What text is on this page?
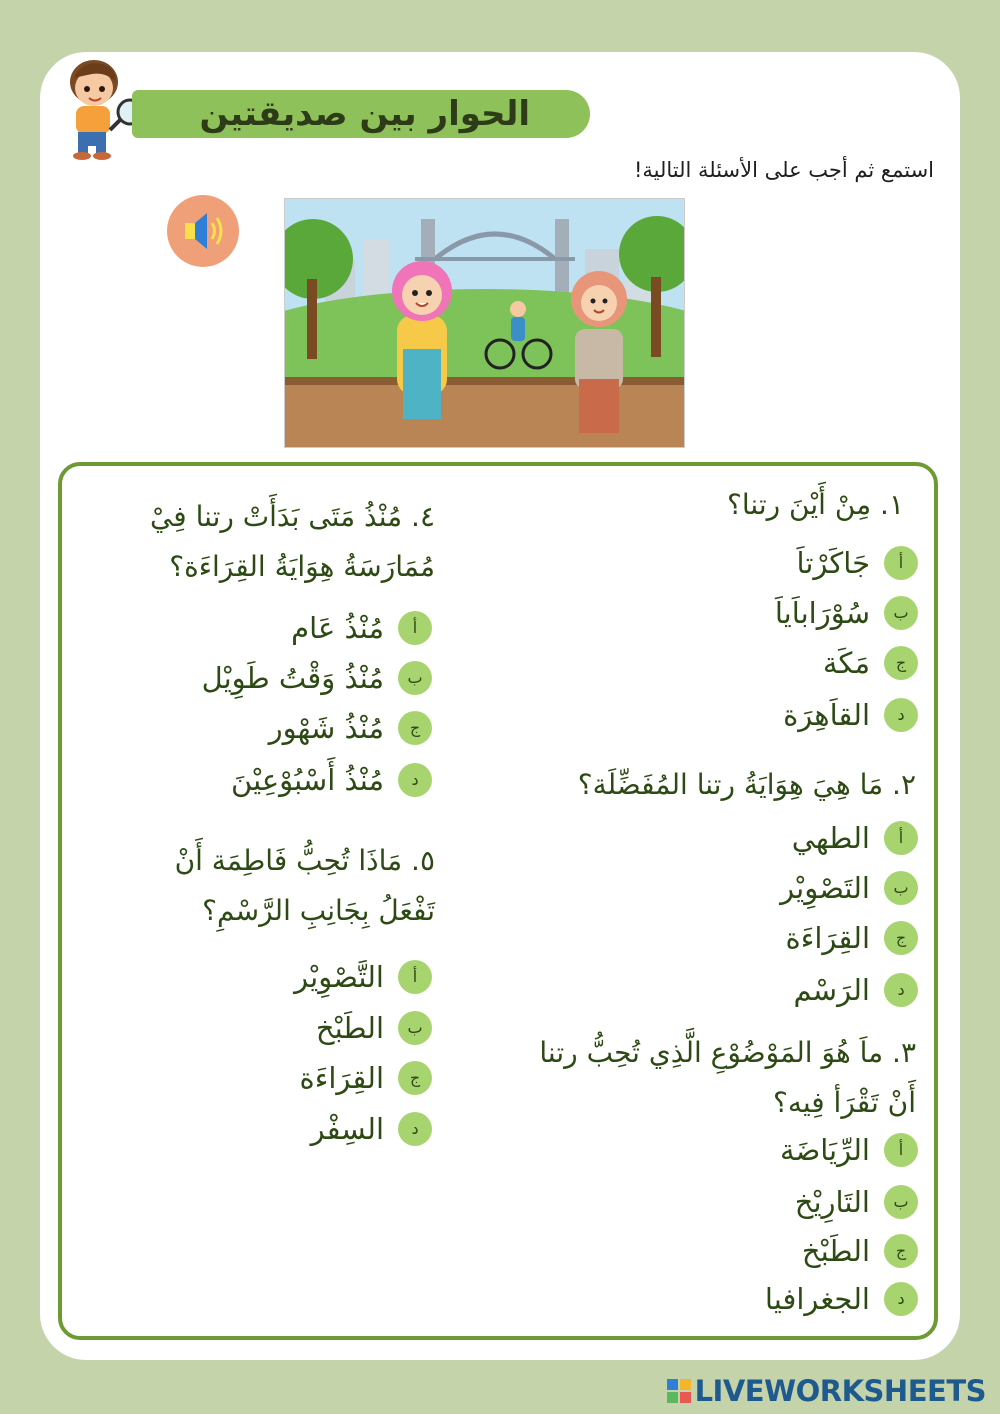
الحوار بين صديقتين
استمع ثم أجب على الأسئلة التالية!
١. مِنْ أَيْنَ رتنا؟
أ
جَاكَرْتاَ
ب
سُوْرَاباَياَ
ج
مَكَة
د
القاَهِرَة
٢. مَا هِيَ هِوَايَةُ رتنا المُفَضِّلَة؟
أ
الطهي
ب
التَصْوِيْر
ج
القِرَاءَة
د
الرَسْم
٣. ماَ هُوَ المَوْضُوْعِ الَّذِي تُحِبُّ رتنا أَنْ تَقْرَأ فِيه؟
أ
الرِّيَاضَة
ب
التَارِيْخ
ج
الطَبْخ
د
الجغرافيا
٤. مُنْذُ مَتَى بَدَأَتْ رتنا فِيْ مُمَارَسَةُ هِوَايَةُ القِرَاءَة؟
أ
مُنْذُ عَام
ب
مُنْذُ وَقْتُ طَوِيْل
ج
مُنْذُ شَهْور
د
مُنْذُ أَسْبُوْعِيْنَ
٥. مَاذَا تُحِبُّ فَاطِمَة أَنْ تَفْعَلُ بِجَانِبِ الرَّسْمِ؟
أ
التَّصْوِيْر
ب
الطَبْخ
ج
القِرَاءَة
د
السِفْر
LIVEWORKSHEETS
